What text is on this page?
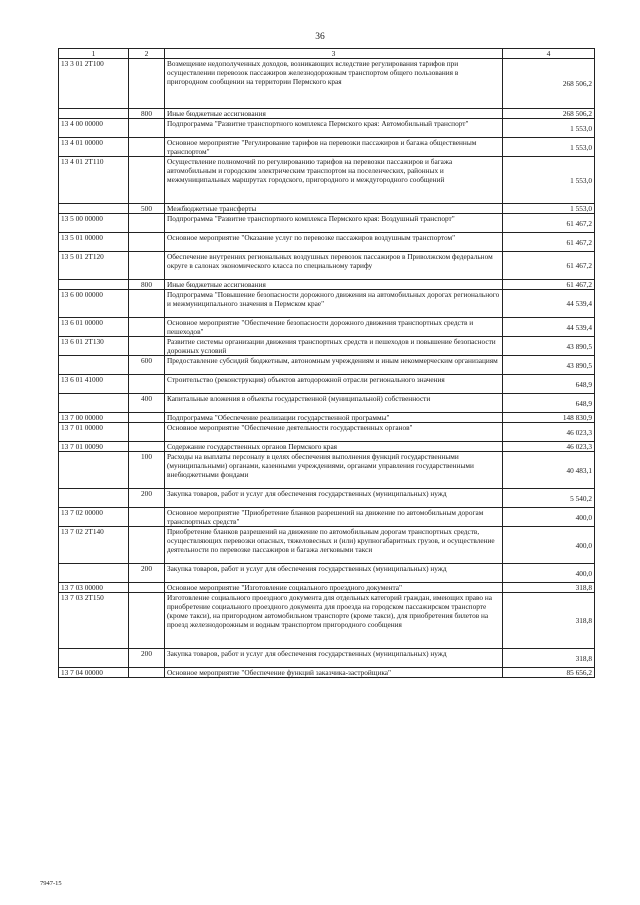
36
1	2	3	4
13 3 01 2T100		Возмещение недополученных доходов, возникающих вследствие регулирования тарифов при осуществлении перевозок пассажиров железнодорожным транспортом общего пользования в пригородном сообщении на территории Пермского края	268 506,2
	800	Иные бюджетные ассигнования	268 506,2
13 4 00 00000		Подпрограмма "Развитие транспортного комплекса Пермского края: Автомобильный транспорт"	1 553,0
13 4 01 00000		Основное мероприятие "Регулирование тарифов на перевозки пассажиров и багажа общественным транспортом"	1 553,0
13 4 01 2T110		Осуществление полномочий по регулированию тарифов на перевозки пассажиров и багажа автомобильным и городским электрическим транспортом на поселенческих, районных и межмуниципальных маршрутах городского, пригородного и междугородного сообщений	1 553,0
	500	Межбюджетные трансферты	1 553,0
13 5 00 00000		Подпрограмма "Развитие транспортного комплекса Пермского края: Воздушный транспорт"	61 467,2
13 5 01 00000		Основное мероприятие "Оказание услуг по перевозке пассажиров воздушным транспортом"	61 467,2
13 5 01 2T120		Обеспечение внутренних региональных воздушных перевозок пассажиров в Приволжском федеральном округе в салонах экономического класса по специальному тарифу	61 467,2
	800	Иные бюджетные ассигнования	61 467,2
13 6 00 00000		Подпрограмма "Повышение безопасности дорожного движения на автомобильных дорогах регионального и межмуниципального значения в Пермском крае"	44 539,4
13 6 01 00000		Основное мероприятие "Обеспечение безопасности дорожного движения транспортных средств и пешеходов"	44 539,4
13 6 01 2T130		Развитие системы организации движения транспортных средств и пешеходов и повышение безопасности дорожных условий	43 890,5
	600	Предоставление субсидий бюджетным, автономным учреждениям и иным некоммерческим организациям	43 890,5
13 6 01 41000		Строительство (реконструкция) объектов автодорожной отрасли регионального значения	648,9
	400	Капитальные вложения в объекты государственной (муниципальной) собственности	648,9
13 7 00 00000		Подпрограмма "Обеспечение реализации государственной программы"	148 830,9
13 7 01 00000		Основное мероприятие "Обеспечение деятельности государственных органов"	46 023,3
13 7 01 00090		Содержание государственных органов Пермского края	46 023,3
	100	Расходы на выплаты персоналу в целях обеспечения выполнения функций государственными (муниципальными) органами, казенными учреждениями, органами управления государственными внебюджетными фондами	40 483,1
	200	Закупка товаров, работ и услуг для обеспечения государственных (муниципальных) нужд	5 540,2
13 7 02 00000		Основное мероприятие "Приобретение бланков разрешений на движение по автомобильным дорогам транспортных средств"	400,0
13 7 02 2T140		Приобретение бланков разрешений на движение по автомобильным дорогам транспортных средств, осуществляющих перевозки опасных, тяжеловесных и (или) крупногабаритных грузов, и осуществление деятельности по перевозке пассажиров и багажа легковыми такси	400,0
	200	Закупка товаров, работ и услуг для обеспечения государственных (муниципальных) нужд	400,0
13 7 03 00000		Основное мероприятие "Изготовление социального проездного документа"	318,8
13 7 03 2T150		Изготовление социального проездного документа для отдельных категорий граждан, имеющих право на приобретение социального проездного документа для проезда на городском пассажирском транспорте (кроме такси), на пригородном автомобильном транспорте (кроме такси), для приобретения билетов на проезд железнодорожным и водным транспортом пригородного сообщения	318,8
	200	Закупка товаров, работ и услуг для обеспечения государственных (муниципальных) нужд	318,8
13 7 04 00000		Основное мероприятие "Обеспечение функций заказчика-застройщика"	85 656,2
7947-15
